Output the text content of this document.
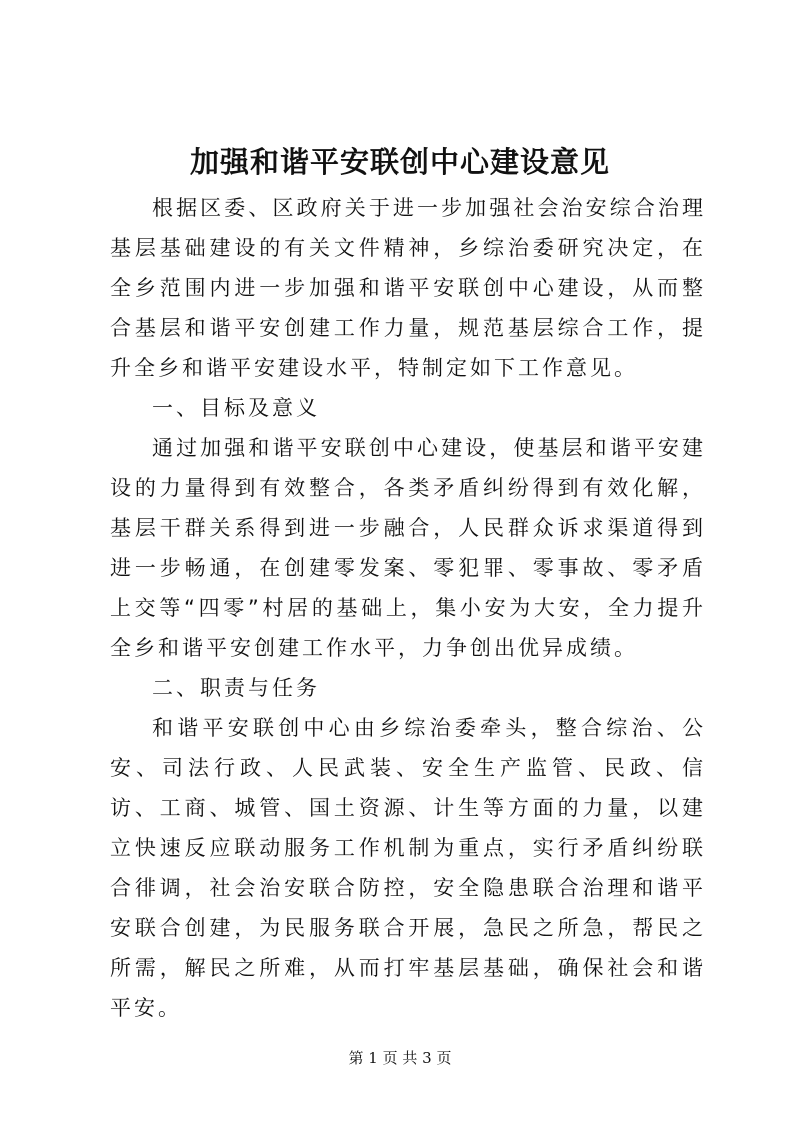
加强和谐平安联创中心建设意见

根据区委、区政府关于进一步加强社会治安综合治理基层基础建设的有关文件精神，乡综治委研究决定，在全乡范围内进一步加强和谐平安联创中心建设，从而整合基层和谐平安创建工作力量，规范基层综合工作，提升全乡和谐平安建设水平，特制定如下工作意见。

一、目标及意义

通过加强和谐平安联创中心建设，使基层和谐平安建设的力量得到有效整合，各类矛盾纠纷得到有效化解，基层干群关系得到进一步融合，人民群众诉求渠道得到进一步畅通，在创建零发案、零犯罪、零事故、零矛盾上交等“四零”村居的基础上，集小安为大安，全力提升全乡和谐平安创建工作水平，力争创出优异成绩。

二、职责与任务

和谐平安联创中心由乡综治委牵头，整合综治、公安、司法行政、人民武装、安全生产监管、民政、信访、工商、城管、国土资源、计生等方面的力量，以建立快速反应联动服务工作机制为重点，实行矛盾纠纷联合徘调，社会治安联合防控，安全隐患联合治理和谐平安联合创建，为民服务联合开展，急民之所急，帮民之所需，解民之所难，从而打牢基层基础，确保社会和谐平安。

第 1 页 共 3 页
